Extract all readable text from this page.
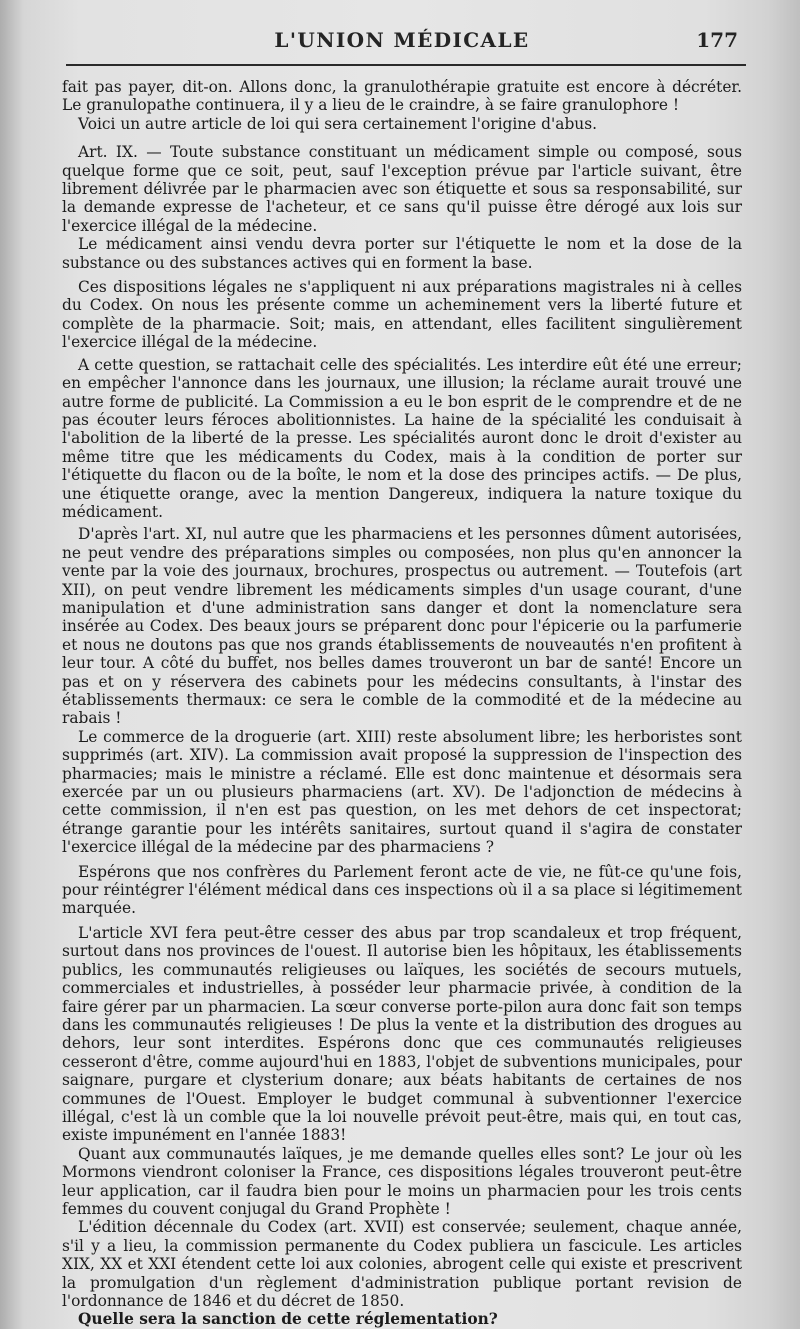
L'UNION MÉDICALE	177

fait pas payer, dit-on. Allons donc, la granulothérapie gratuite est encore à décréter. Le granulopathe continuera, il y a lieu de le craindre, à se faire granulophore !

Voici un autre article de loi qui sera certainement l'origine d'abus.

Art. IX. — Toute substance constituant un médicament simple ou composé, sous quelque forme que ce soit, peut, sauf l'exception prévue par l'article suivant, être librement délivrée par le pharmacien avec son étiquette et sous sa responsabilité, sur la demande expresse de l'acheteur, et ce sans qu'il puisse être dérogé aux lois sur l'exercice illégal de la médecine.

Le médicament ainsi vendu devra porter sur l'étiquette le nom et la dose de la substance ou des substances actives qui en forment la base.

Ces dispositions légales ne s'appliquent ni aux préparations magistrales ni à celles du Codex. On nous les présente comme un acheminement vers la liberté future et complète de la pharmacie. Soit; mais, en attendant, elles facilitent singulièrement l'exercice illégal de la médecine.

A cette question, se rattachait celle des spécialités. Les interdire eût été une erreur; en empêcher l'annonce dans les journaux, une illusion; la réclame aurait trouvé une autre forme de publicité. La Commission a eu le bon esprit de le comprendre et de ne pas écouter leurs féroces abolitionnistes. La haine de la spécialité les conduisait à l'abolition de la liberté de la presse. Les spécialités auront donc le droit d'exister au même titre que les médicaments du Codex, mais à la condition de porter sur l'étiquette du flacon ou de la boîte, le nom et la dose des principes actifs. — De plus, une étiquette orange, avec la mention Dangereux, indiquera la nature toxique du médicament.

D'après l'art. XI, nul autre que les pharmaciens et les personnes dûment autorisées, ne peut vendre des préparations simples ou composées, non plus qu'en annoncer la vente par la voie des journaux, brochures, prospectus ou autrement. — Toutefois (art XII), on peut vendre librement les médicaments simples d'un usage courant, d'une manipulation et d'une administration sans danger et dont la nomenclature sera insérée au Codex. Des beaux jours se préparent donc pour l'épicerie ou la parfumerie et nous ne doutons pas que nos grands établissements de nouveautés n'en profitent à leur tour. A côté du buffet, nos belles dames trouveront un bar de santé! Encore un pas et on y réservera des cabinets pour les médecins consultants, à l'instar des établissements thermaux: ce sera le comble de la commodité et de la médecine au rabais !

Le commerce de la droguerie (art. XIII) reste absolument libre; les herboristes sont supprimés (art. XIV). La commission avait proposé la suppression de l'inspection des pharmacies; mais le ministre a réclamé. Elle est donc maintenue et désormais sera exercée par un ou plusieurs pharmaciens (art. XV). De l'adjonction de médecins à cette commission, il n'en est pas question, on les met dehors de cet inspectorat; étrange garantie pour les intérêts sanitaires, surtout quand il s'agira de constater l'exercice illégal de la médecine par des pharmaciens ?

Espérons que nos confrères du Parlement feront acte de vie, ne fût-ce qu'une fois, pour réintégrer l'élément médical dans ces inspections où il a sa place si légitimement marquée.

L'article XVI fera peut-être cesser des abus par trop scandaleux et trop fréquent, surtout dans nos provinces de l'ouest. Il autorise bien les hôpitaux, les établissements publics, les communautés religieuses ou laïques, les sociétés de secours mutuels, commerciales et industrielles, à posséder leur pharmacie privée, à condition de la faire gérer par un pharmacien. La sœur converse porte-pilon aura donc fait son temps dans les communautés religieuses ! De plus la vente et la distribution des drogues au dehors, leur sont interdites. Espérons donc que ces communautés religieuses cesseront d'être, comme aujourd'hui en 1883, l'objet de subventions municipales, pour saignare, purgare et clysterium donare; aux béats habitants de certaines de nos communes de l'Ouest. Employer le budget communal à subventionner l'exercice illégal, c'est là un comble que la loi nouvelle prévoit peut-être, mais qui, en tout cas, existe impunément en l'année 1883!

Quant aux communautés laïques, je me demande quelles elles sont? Le jour où les Mormons viendront coloniser la France, ces dispositions légales trouveront peut-être leur application, car il faudra bien pour le moins un pharmacien pour les trois cents femmes du couvent conjugal du Grand Prophète !

L'édition décennale du Codex (art. XVII) est conservée; seulement, chaque année, s'il y a lieu, la commission permanente du Codex publiera un fascicule. Les articles XIX, XX et XXI étendent cette loi aux colonies, abrogent celle qui existe et prescrivent la promulgation d'un règlement d'administration publique portant revision de l'ordonnance de 1846 et du décret de 1850.

Quelle sera la sanction de cette réglementation?
